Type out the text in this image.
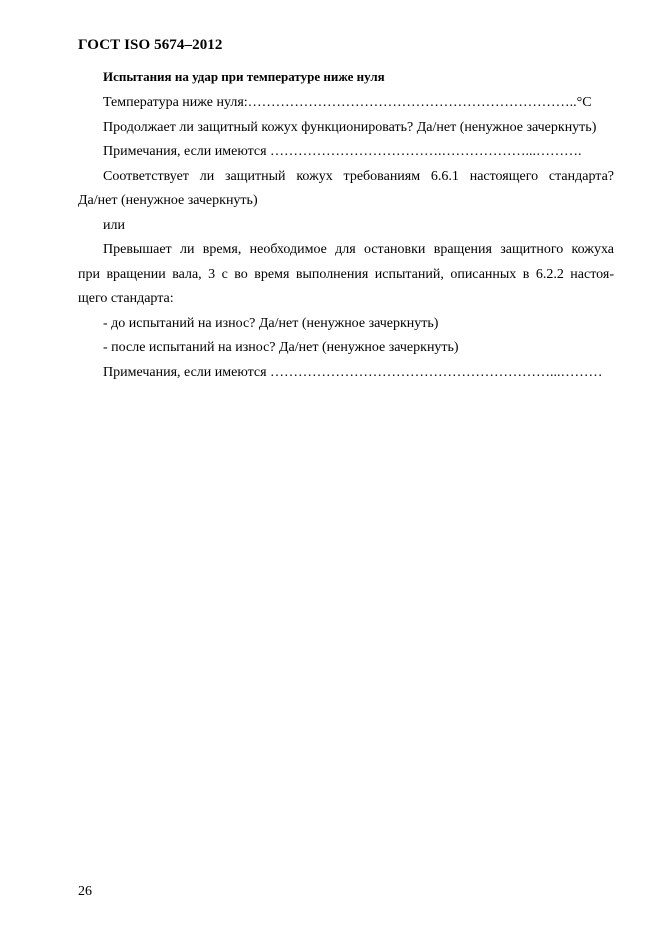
ГОСТ ISO 5674–2012
Испытания на удар при температуре ниже нуля

Температура ниже нуля:……………………………………………………………..°С

Продолжает ли защитный кожух функционировать? Да/нет (ненужное зачеркнуть)

Примечания, если имеются ……………………………….………………...……….

Соответствует ли защитный кожух требованиям 6.6.1 настоящего стандарта?

Да/нет (ненужное зачеркнуть)

или

Превышает ли время, необходимое для остановки вращения защитного кожуха

при вращении вала, 3 с во время выполнения испытаний, описанных в 6.2.2 настоя-

щего стандарта:

- до испытаний на износ? Да/нет (ненужное зачеркнуть)

- после испытаний на износ? Да/нет (ненужное зачеркнуть)

Примечания, если имеются ……………………………………………………...………

26
